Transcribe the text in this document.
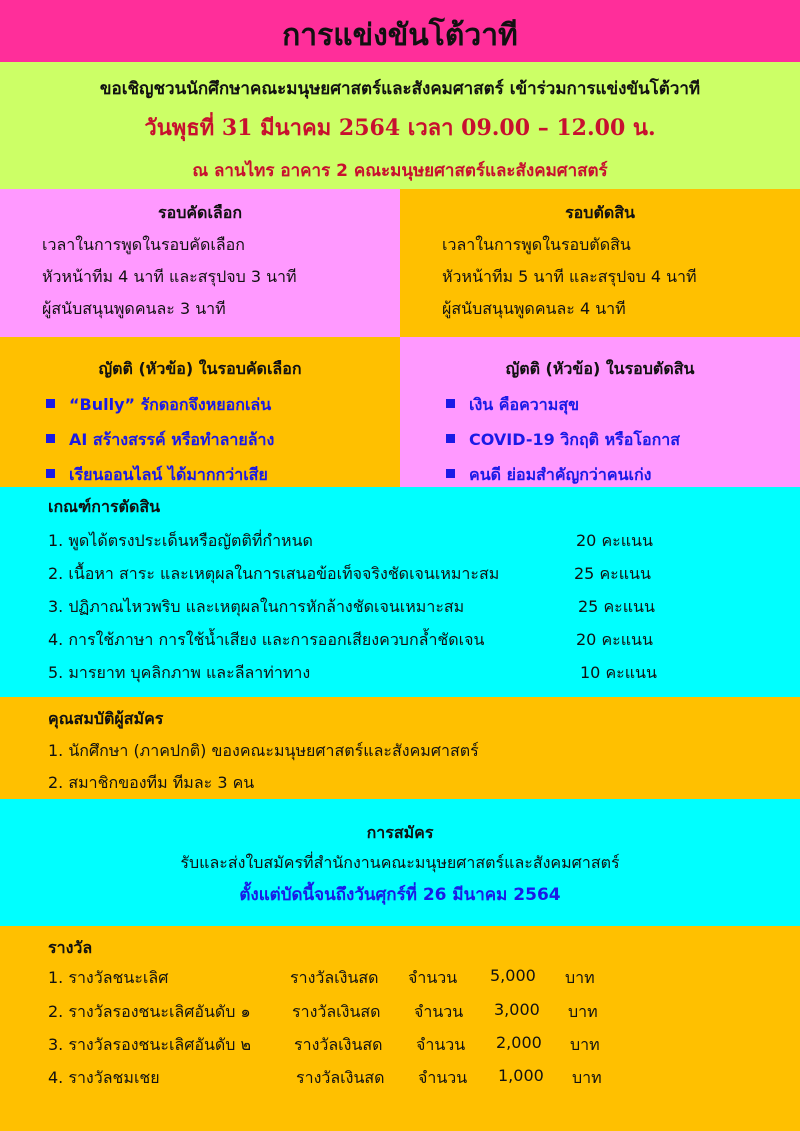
การแข่งขันโต้วาที
ขอเชิญชวนนักศึกษาคณะมนุษยศาสตร์และสังคมศาสตร์ เข้าร่วมการแข่งขันโต้วาที
วันพุธที่ 31 มีนาคม 2564 เวลา 09.00 – 12.00 น.
ณ ลานไทร อาคาร 2 คณะมนุษยศาสตร์และสังคมศาสตร์
รอบคัดเลือก
เวลาในการพูดในรอบคัดเลือก
หัวหน้าทีม 4 นาที และสรุปจบ 3 นาที
ผู้สนับสนุนพูดคนละ 3 นาที
รอบตัดสิน
เวลาในการพูดในรอบตัดสิน
หัวหน้าทีม 5 นาที และสรุปจบ 4 นาที
ผู้สนับสนุนพูดคนละ 4 นาที
ญัตติ (หัวข้อ) ในรอบคัดเลือก
“Bully” รักดอกจึงหยอกเล่น
AI สร้างสรรค์ หรือทำลายล้าง
เรียนออนไลน์ ได้มากกว่าเสีย
ญัตติ (หัวข้อ) ในรอบตัดสิน
เงิน คือความสุข
COVID-19 วิกฤติ หรือโอกาส
คนดี ย่อมสำคัญกว่าคนเก่ง
เกณฑ์การตัดสิน
1. พูดได้ตรงประเด็นหรือญัตติที่กำหนด	20 คะแนน
2. เนื้อหา สาระ และเหตุผลในการเสนอข้อเท็จจริงชัดเจนเหมาะสม	25 คะแนน
3. ปฏิภาณไหวพริบ และเหตุผลในการหักล้างชัดเจนเหมาะสม	25 คะแนน
4. การใช้ภาษา การใช้น้ำเสียง และการออกเสียงควบกล้ำชัดเจน	20 คะแนน
5. มารยาท บุคลิกภาพ และลีลาท่าทาง	10 คะแนน
คุณสมบัติผู้สมัคร
1. นักศึกษา (ภาคปกติ) ของคณะมนุษยศาสตร์และสังคมศาสตร์
2. สมาชิกของทีม ทีมละ 3 คน
การสมัคร
รับและส่งใบสมัครที่สำนักงานคณะมนุษยศาสตร์และสังคมศาสตร์
ตั้งแต่บัดนี้จนถึงวันศุกร์ที่ 26 มีนาคม 2564
รางวัล
1. รางวัลชนะเลิศ	รางวัลเงินสด จำนวน 5,000 บาท
2. รางวัลรองชนะเลิศอันดับ ๑	รางวัลเงินสด จำนวน 3,000 บาท
3. รางวัลรองชนะเลิศอันดับ ๒	รางวัลเงินสด จำนวน 2,000 บาท
4. รางวัลชมเชย	รางวัลเงินสด จำนวน 1,000 บาท
